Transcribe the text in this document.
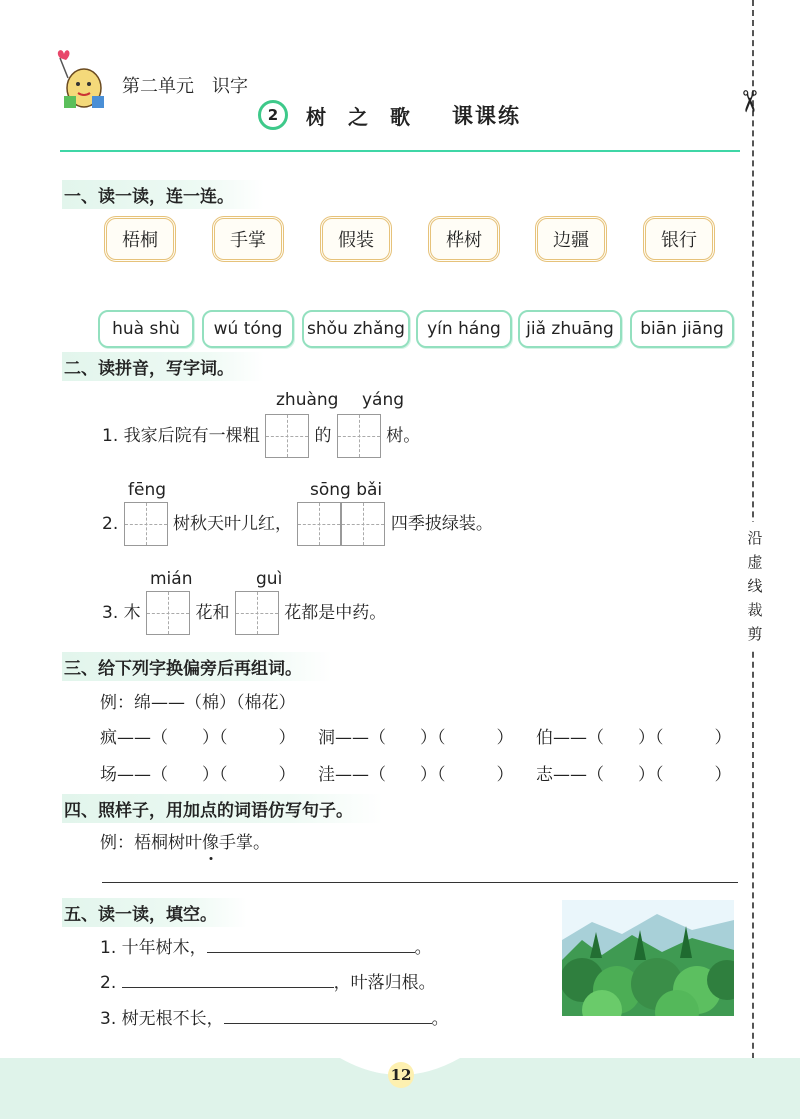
第二单元　识字
2	树之歌 课课练
✂
沿
虚
线
裁
剪
一、读一读，连一连。
梧桐	手掌	假装	桦树	边疆	银行
huà shù	wú tóng	shǒu zhǎng	yín háng	jiǎ zhuāng	biān jiāng
二、读拼音，写字词。
zhuàng yáng
1. 我家后院有一棵粗	的	树。
fēng	sōng bǎi
2.	树秋天叶儿红，	四季披绿装。
mián	guì
3. 木	花和	花都是中药。
三、给下列字换偏旁后再组词。
例：绵——（棉）（棉花）
疯——（　　）（　　　） 洞——（　　）（　　　） 伯——（　　）（　　　）
场——（　　）（　　　） 洼——（　　）（　　　） 志——（　　）（　　　）
四、照样子，用加点的词语仿写句子。
例：梧桐树叶像手掌。
五、读一读，填空。
1. 十年树木，	。
2.	，叶落归根。
3. 树无根不长，	。
12
